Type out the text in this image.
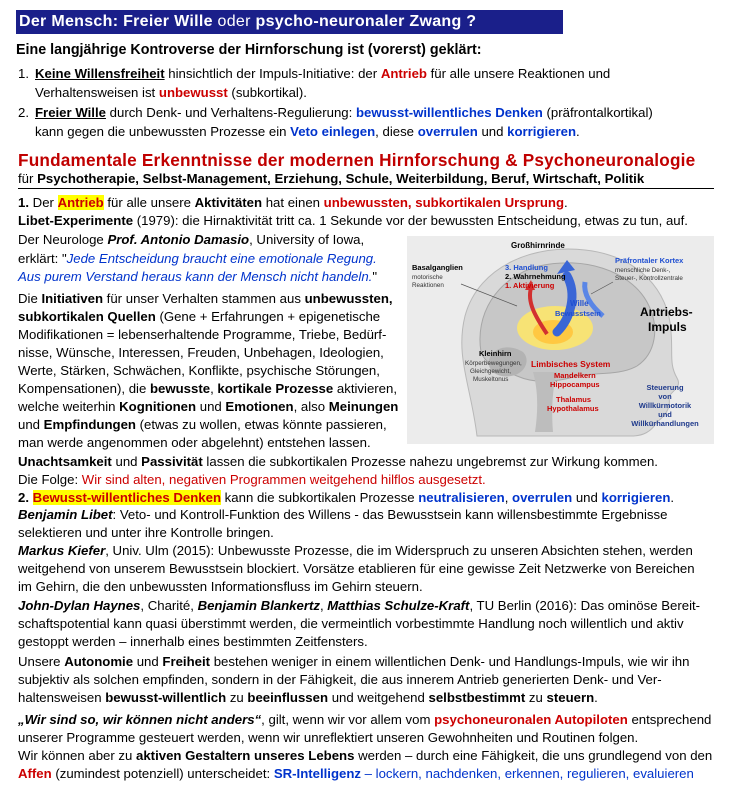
Der Mensch: Freier Wille oder psycho-neuronaler Zwang ?
Eine langjährige Kontroverse der Hirnforschung ist (vorerst) geklärt:
1. Keine Willensfreiheit hinsichtlich der Impuls-Initiative: der Antrieb für alle unsere Reaktionen und
Verhaltensweisen ist unbewusst (subkortikal).
2. Freier Wille durch Denk- und Verhaltens-Regulierung: bewusst-willentliches Denken (präfrontalkortikal)
kann gegen die unbewussten Prozesse ein Veto einlegen, diese overrulen und korrigieren.
Fundamentale Erkenntnisse der modernen Hirnforschung & Psychoneuronalogie
für Psychotherapie, Selbst-Management, Erziehung, Schule, Weiterbildung, Beruf, Wirtschaft, Politik
1. Der Antrieb für alle unsere Aktivitäten hat einen unbewussten, subkortikalen Ursprung.
Libet-Experimente (1979): die Hirnaktivität tritt ca. 1 Sekunde vor der bewussten Entscheidung, etwas zu tun, auf.
Der Neurologe Prof. Antonio Damasio, University of Iowa,
erklärt: "Jede Entscheidung braucht eine emotionale Regung.
Aus purem Verstand heraus kann der Mensch nicht handeln."
Die Initiativen für unser Verhalten stammen aus unbewussten,
subkortikalen Quellen (Gene + Erfahrungen + epigenetische
Modifikationen = lebenserhaltende Programme, Triebe, Bedürf-
nisse, Wünsche, Interessen, Freuden, Unbehagen, Ideologien,
Werte, Stärken, Schwächen, Konflikte, psychische Störungen,
Kompensationen), die bewusste, kortikale Prozesse aktivieren,
welche weiterhin Kognitionen und Emotionen, also Meinungen
und Empfindungen (etwas zu wollen, etwas könnte passieren,
man werde angenommen oder abgelehnt) entstehen lassen.
Unachtsamkeit und Passivität lassen die subkortikalen Prozesse nahezu ungebremst zur Wirkung kommen.
Die Folge: Wir sind alten, negativen Programmen weitgehend hilflos ausgesetzt.
Großhirnrinde
Basalganglien
motorische
Reaktionen
3. Handlung
2. Wahrnehmung
1. Aktivierung
Präfrontaler Kortex
menschliche Denk-,
Steuer-, Kontrollzentrale
Wille
Bewusstsein	Antriebs-
Impuls
Kleinhirn
Körperbewegungen,
Gleichgewicht,
Muskeltonus
Limbisches System
Mandelkern
Hippocampus
Thalamus
Hypothalamus
Steuerung
von
Willkürmotorik
und
Willkürhandlungen
2. Bewusst-willentliches Denken kann die subkortikalen Prozesse neutralisieren, overrulen und korrigieren.
Benjamin Libet: Veto- und Kontroll-Funktion des Willens - das Bewusstsein kann willensbestimmte Ergebnisse
selektieren und unter ihre Kontrolle bringen.
Markus Kiefer, Univ. Ulm (2015): Unbewusste Prozesse, die im Widerspruch zu unseren Absichten stehen, werden
weitgehend von unserem Bewusstsein blockiert. Vorsätze etablieren für eine gewisse Zeit Netzwerke von Bereichen
im Gehirn, die den unbewussten Informationsfluss im Gehirn steuern.
John-Dylan Haynes, Charité, Benjamin Blankertz, Matthias Schulze-Kraft, TU Berlin (2016): Das ominöse Bereit-
schaftspotential kann quasi überstimmt werden, die vermeintlich vorbestimmte Handlung noch willentlich und aktiv
gestoppt werden – innerhalb eines bestimmten Zeitfensters.
Unsere Autonomie und Freiheit bestehen weniger in einem willentlichen Denk- und Handlungs-Impuls, wie wir ihn
subjektiv als solchen empfinden, sondern in der Fähigkeit, die aus innerem Antrieb generierten Denk- und Ver-
haltensweisen bewusst-willentlich zu beeinflussen und weitgehend selbstbestimmt zu steuern.
„Wir sind so, wir können nicht anders“, gilt, wenn wir vor allem vom psychoneuronalen Autopiloten entsprechend
unserer Programme gesteuert werden, wenn wir unreflektiert unseren Gewohnheiten und Routinen folgen.
Wir können aber zu aktiven Gestaltern unseres Lebens werden – durch eine Fähigkeit, die uns grundlegend von den
Affen (zumindest potenziell) unterscheidet: SR-Intelligenz – lockern, nachdenken, erkennen, regulieren, evaluieren
